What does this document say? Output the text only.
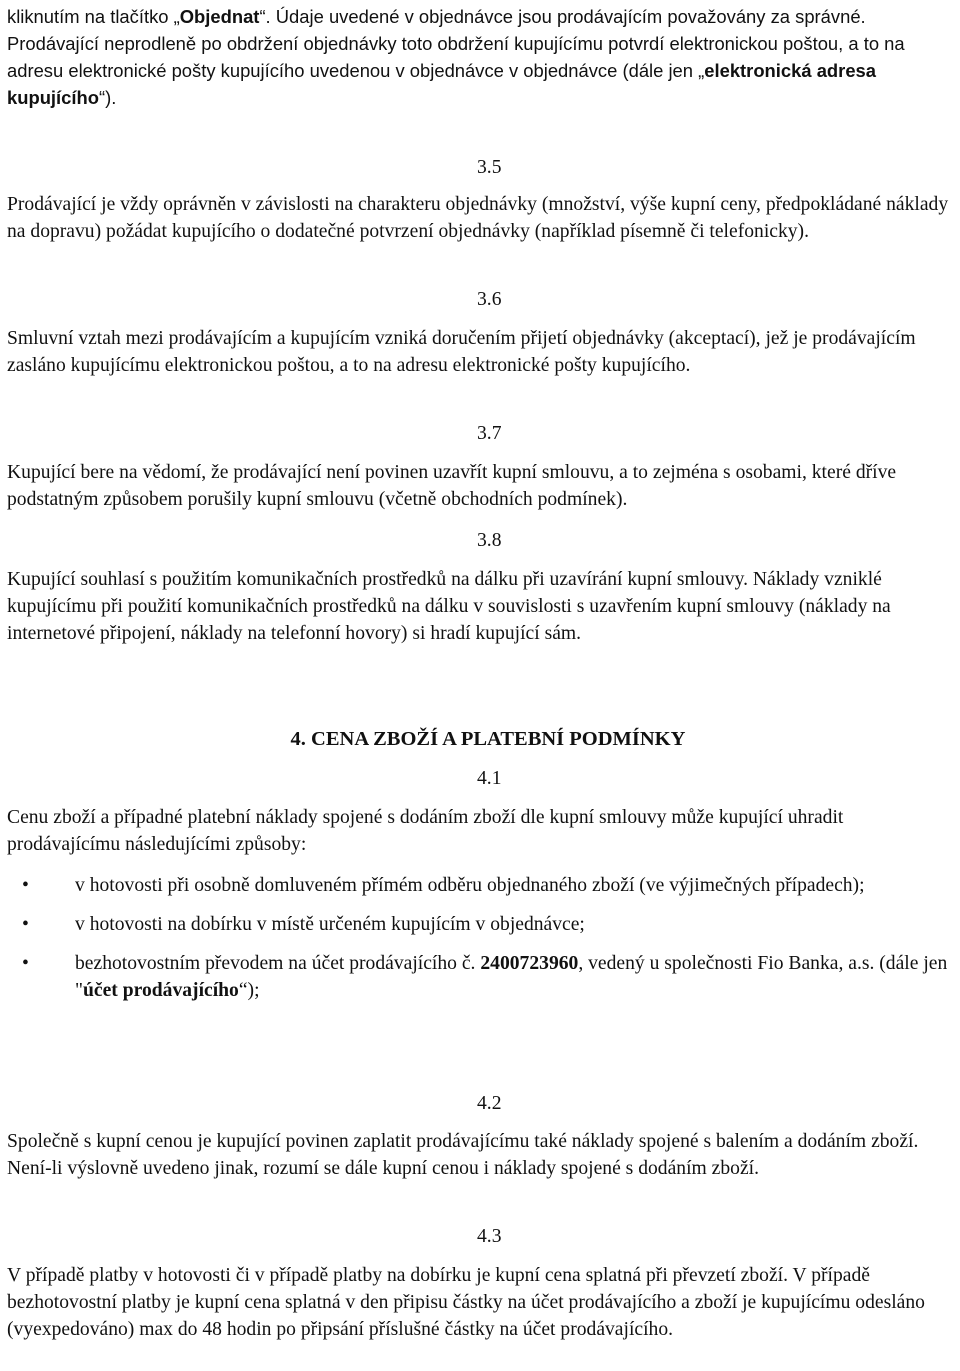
kliknutím na tlačítko „Objednat“. Údaje uvedené v objednávce jsou prodávajícím považovány za správné. Prodávající neprodleně po obdržení objednávky toto obdržení kupujícímu potvrdí elektronickou poštou, a to na adresu elektronické pošty kupujícího uvedenou v objednávce v objednávce (dále jen „elektronická adresa kupujícího“).

3.5

Prodávající je vždy oprávněn v závislosti na charakteru objednávky (množství, výše kupní ceny, předpokládané náklady na dopravu) požádat kupujícího o dodatečné potvrzení objednávky (například písemně či telefonicky).

3.6

Smluvní vztah mezi prodávajícím a kupujícím vzniká doručením přijetí objednávky (akceptací), jež je prodávajícím zasláno kupujícímu elektronickou poštou, a to na adresu elektronické pošty kupujícího.

3.7

Kupující bere na vědomí, že prodávající není povinen uzavřít kupní smlouvu, a to zejména s osobami, které dříve podstatným způsobem porušily kupní smlouvu (včetně obchodních podmínek).

3.8

Kupující souhlasí s použitím komunikačních prostředků na dálku při uzavírání kupní smlouvy. Náklady vzniklé kupujícímu při použití komunikačních prostředků na dálku v souvislosti s uzavřením kupní smlouvy (náklady na internetové připojení, náklady na telefonní hovory) si hradí kupující sám.

4. CENA ZBOŽÍ A PLATEBNÍ PODMÍNKY
4.1

Cenu zboží a případné platební náklady spojené s dodáním zboží dle kupní smlouvy může kupující uhradit prodávajícímu následujícími způsoby:

• v hotovosti při osobně domluveném přímém odběru objednaného zboží (ve výjimečných případech);
• v hotovosti na dobírku v místě určeném kupujícím v objednávce;
• bezhotovostním převodem na účet prodávajícího č. 2400723960, vedený u společnosti Fio Banka, a.s. (dále jen "účet prodávajícího“);
4.2

Společně s kupní cenou je kupující povinen zaplatit prodávajícímu také náklady spojené s balením a dodáním zboží. Není-li výslovně uvedeno jinak, rozumí se dále kupní cenou i náklady spojené s dodáním zboží.

4.3

V případě platby v hotovosti či v případě platby na dobírku je kupní cena splatná při převzetí zboží. V případě bezhotovostní platby je kupní cena splatná v den připisu částky na účet prodávajícího a zboží je kupujícímu odesláno (vyexpedováno) max do 48 hodin po připsání příslušné částky na účet prodávajícího.
